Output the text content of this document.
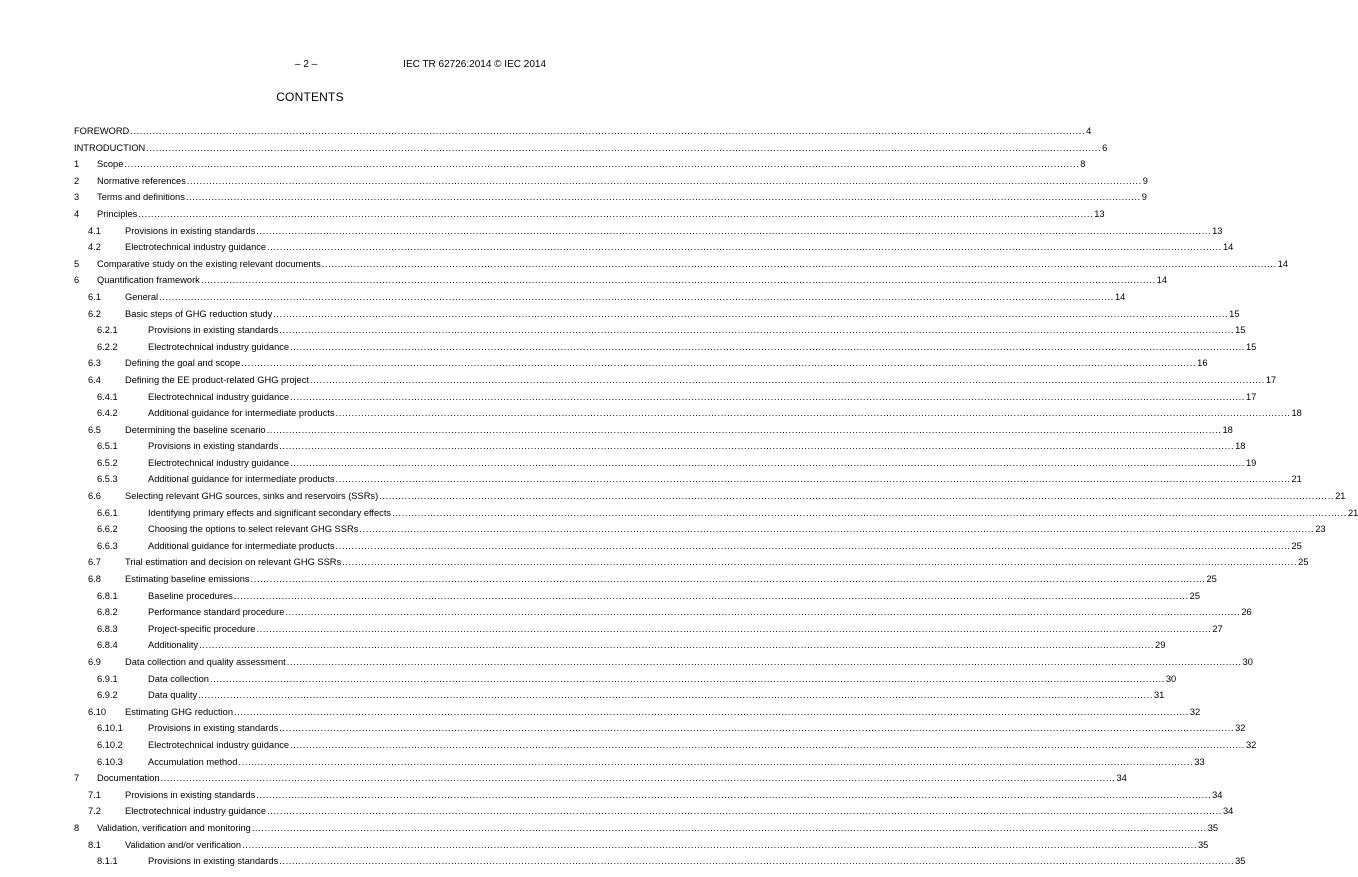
– 2 –	IEC TR 62726:2014 © IEC 2014
CONTENTS
FOREWORD ............................................................................................................................................................................................................................................................................................................ 4
INTRODUCTION ............................................................................................................................................................................................................................................................................................................ 6
1 Scope ............................................................................................................................................................................................................................................................................................................ 8
2 Normative references ............................................................................................................................................................................................................................................................................................................ 9
3 Terms and definitions ............................................................................................................................................................................................................................................................................................................ 9
4 Principles ............................................................................................................................................................................................................................................................................................................ 13
4.1	Provisions in existing standards ............................................................................................................................................................................................................................................................................................................ 13
4.2	Electrotechnical industry guidance ............................................................................................................................................................................................................................................................................................................ 14
5 Comparative study on the existing relevant documents ............................................................................................................................................................................................................................................................................................................ 14
6 Quantification framework ............................................................................................................................................................................................................................................................................................................ 14
6.1	General ............................................................................................................................................................................................................................................................................................................ 14
6.2	Basic steps of GHG reduction study ............................................................................................................................................................................................................................................................................................................ 15
6.2.1	Provisions in existing standards ............................................................................................................................................................................................................................................................................................................ 15
6.2.2	Electrotechnical industry guidance ............................................................................................................................................................................................................................................................................................................ 15
6.3	Defining the goal and scope ............................................................................................................................................................................................................................................................................................................ 16
6.4	Defining the EE product-related GHG project ............................................................................................................................................................................................................................................................................................................ 17
6.4.1	Electrotechnical industry guidance ............................................................................................................................................................................................................................................................................................................ 17
6.4.2	Additional guidance for intermediate products ............................................................................................................................................................................................................................................................................................................ 18
6.5	Determining the baseline scenario ............................................................................................................................................................................................................................................................................................................ 18
6.5.1	Provisions in existing standards ............................................................................................................................................................................................................................................................................................................ 18
6.5.2	Electrotechnical industry guidance ............................................................................................................................................................................................................................................................................................................ 19
6.5.3	Additional guidance for intermediate products ............................................................................................................................................................................................................................................................................................................ 21
6.6	Selecting relevant GHG sources, sinks and reservoirs (SSRs) ............................................................................................................................................................................................................................................................................................................ 21
6.6.1	Identifying primary effects and significant secondary effects ............................................................................................................................................................................................................................................................................................................ 21
6.6.2	Choosing the options to select relevant GHG SSRs ............................................................................................................................................................................................................................................................................................................ 23
6.6.3	Additional guidance for intermediate products ............................................................................................................................................................................................................................................................................................................ 25
6.7	Trial estimation and decision on relevant GHG SSRs ............................................................................................................................................................................................................................................................................................................ 25
6.8	Estimating baseline emissions ............................................................................................................................................................................................................................................................................................................ 25
6.8.1	Baseline procedures ............................................................................................................................................................................................................................................................................................................ 25
6.8.2	Performance standard procedure ............................................................................................................................................................................................................................................................................................................ 26
6.8.3	Project-specific procedure ............................................................................................................................................................................................................................................................................................................ 27
6.8.4	Additionality ............................................................................................................................................................................................................................................................................................................ 29
6.9	Data collection and quality assessment ............................................................................................................................................................................................................................................................................................................ 30
6.9.1	Data collection ............................................................................................................................................................................................................................................................................................................ 30
6.9.2	Data quality ............................................................................................................................................................................................................................................................................................................ 31
6.10 Estimating GHG reduction ............................................................................................................................................................................................................................................................................................................ 32
6.10.1	Provisions in existing standards ............................................................................................................................................................................................................................................................................................................ 32
6.10.2	Electrotechnical industry guidance ............................................................................................................................................................................................................................................................................................................ 32
6.10.3	Accumulation method ............................................................................................................................................................................................................................................................................................................ 33
7 Documentation ............................................................................................................................................................................................................................................................................................................ 34
7.1	Provisions in existing standards ............................................................................................................................................................................................................................................................................................................ 34
7.2	Electrotechnical industry guidance ............................................................................................................................................................................................................................................................................................................ 34
8 Validation, verification and monitoring ............................................................................................................................................................................................................................................................................................................ 35
8.1	Validation and/or verification ............................................................................................................................................................................................................................................................................................................ 35
8.1.1	Provisions in existing standards ............................................................................................................................................................................................................................................................................................................ 35
